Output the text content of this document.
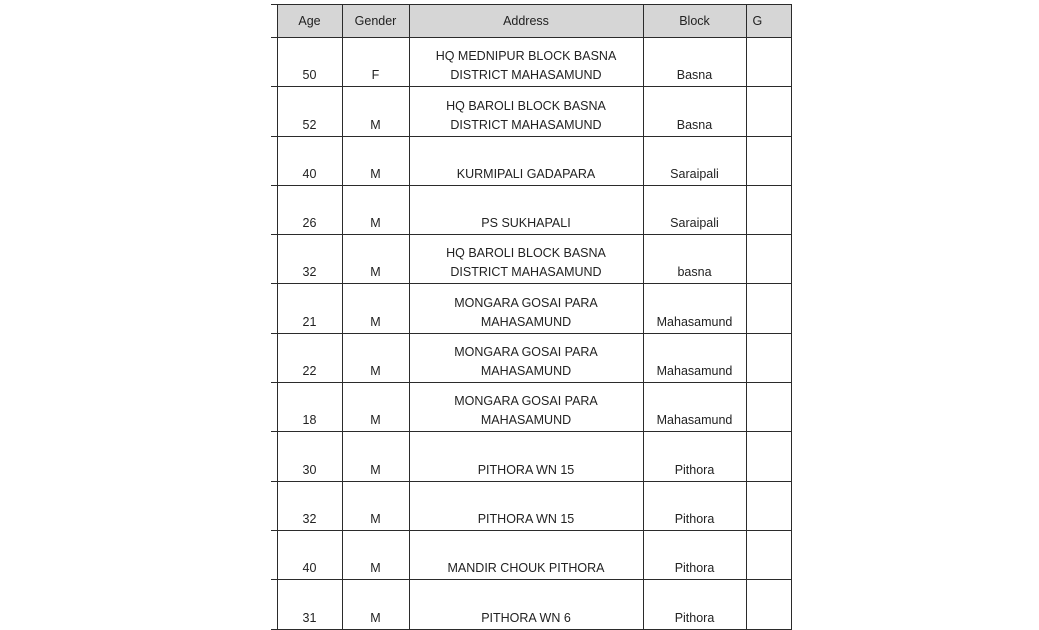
	Age	Gender	Address	Block	G
	50	F	HQ MEDNIPUR BLOCK BASNA DISTRICT MAHASAMUND	Basna	
	52	M	HQ BAROLI BLOCK BASNA DISTRICT MAHASAMUND	Basna	
	40	M	KURMIPALI GADAPARA	Saraipali	
	26	M	PS SUKHAPALI	Saraipali	
	32	M	HQ BAROLI BLOCK BASNA DISTRICT MAHASAMUND	basna	
	21	M	MONGARA GOSAI PARA MAHASAMUND	Mahasamund	
	22	M	MONGARA GOSAI PARA MAHASAMUND	Mahasamund	
	18	M	MONGARA GOSAI PARA MAHASAMUND	Mahasamund	
	30	M	PITHORA WN 15	Pithora	
	32	M	PITHORA WN 15	Pithora	
	40	M	MANDIR CHOUK PITHORA	Pithora	
	31	M	PITHORA WN 6	Pithora	
